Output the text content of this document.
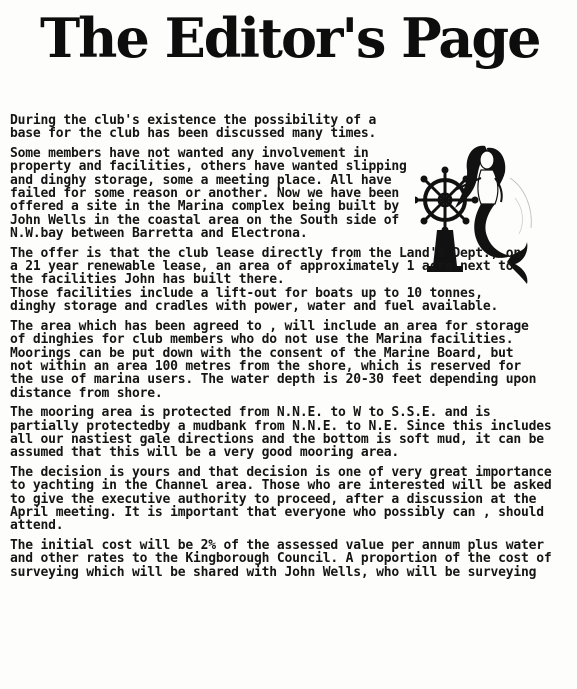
The Editor's Page
During the club's existence the possibility of a
base for the club has been discussed many times.
Some members have not wanted any involvement in
property and facilities, others have wanted slipping
and dinghy storage, some a meeting place. All have
failed for some reason or another. Now we have been
offered a site in the Marina complex being built by
John Wells in the coastal area on the South side of
N.W.bay between Barretta and Electrona.
The offer is that the club lease directly from the Land's Dept., on
a 21 year renewable lease, an area of approximately 1 acre next to
the facilities John has built there.
Those facilities include a lift-out for boats up to 10 tonnes,
dinghy storage and cradles with power, water and fuel available.
The area which has been agreed to , will include an area for storage
of dinghies for club members who do not use the Marina facilities.
Moorings can be put down with the consent of the Marine Board, but
not within an area 100 metres from the shore, which is reserved for
the use of marina users. The water depth is 20-30 feet depending upon
distance from shore.
The mooring area is protected from N.N.E. to W to S.S.E. and is
partially protectedby a mudbank from N.N.E. to N.E. Since this includes
all our nastiest gale directions and the bottom is soft mud, it can be
assumed that this will be a very good mooring area.
The decision is yours and that decision is one of very great importance
to yachting in the Channel area. Those who are interested will be asked
to give the executive authority to proceed, after a discussion at the
April meeting. It is important that everyone who possibly can , should
attend.
The initial cost will be 2% of the assessed value per annum plus water
and other rates to the Kingborough Council. A proportion of the cost of
surveying which will be shared with John Wells, who will be surveying
